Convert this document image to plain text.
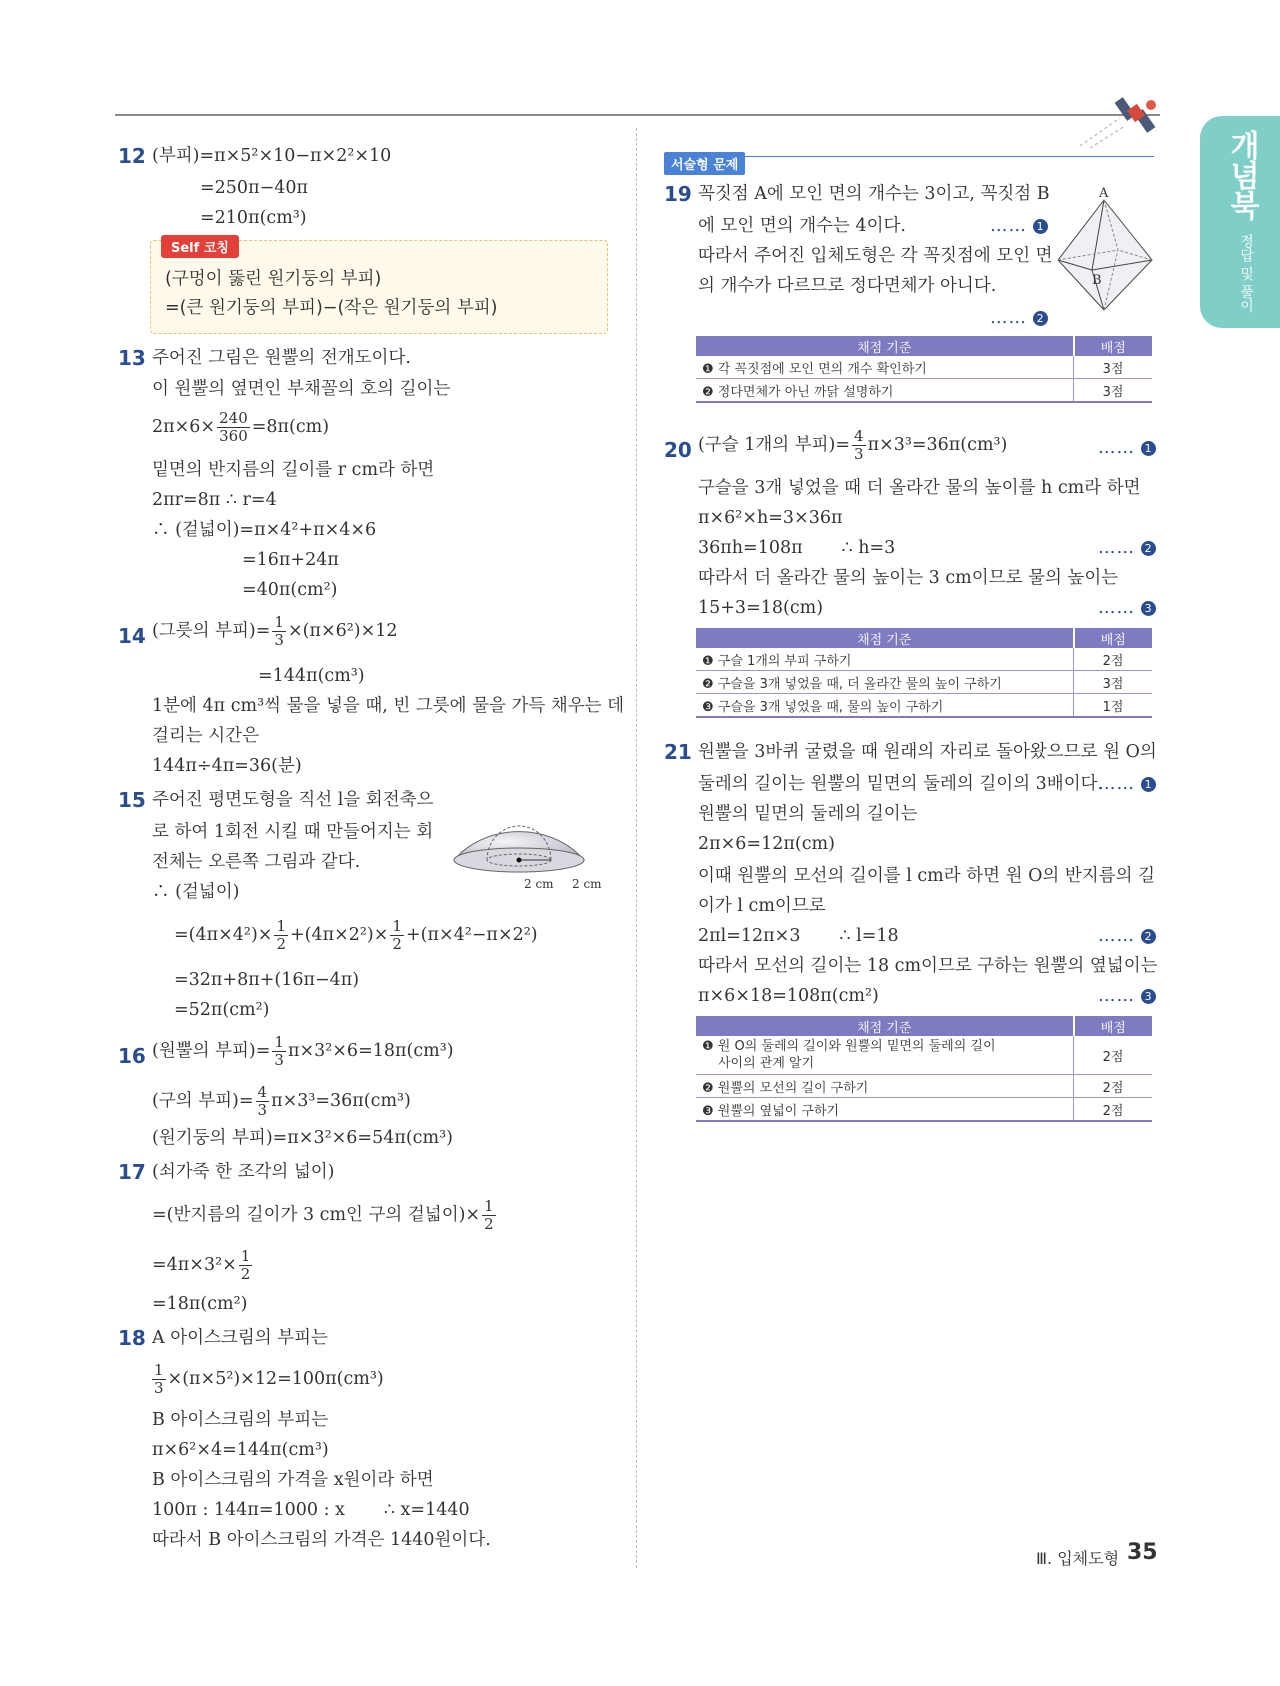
개념북
정답 및 풀이
12 (부피)=π×5²×10−π×2²×10
=250π−40π
=210π(cm³)
Self 코칭
(구멍이 뚫린 원기둥의 부피)
=(큰 원기둥의 부피)−(작은 원기둥의 부피)
13 주어진 그림은 원뿔의 전개도이다.
이 원뿔의 옆면인 부채꼴의 호의 길이는
$2\pi\times 6\times \frac{240}{360} =8\pi(cm)$
밑면의 반지름의 길이를 r cm라 하면
2πr=8π ∴ r=4
∴ (겉넓이)=π×4²+π×4×6
=16π+24π
=40π(cm²)
14 (그릇의 부피)= $\frac{1}{3} \times(\pi\times 6^2)\times 12$
=144π(cm³)
1분에 4π cm³씩 물을 넣을 때, 빈 그릇에 물을 가득 채우는 데
걸리는 시간은
144π÷4π=36(분)
15 주어진 평면도형을 직선 l을 회전축으
로 하여 1회전 시킬 때 만들어지는 회
전체는 오른쪽 그림과 같다.
∴ (겉넓이)	2 cm 2 cm
$=(4\pi\times 4^2)\times \frac{1}{2} +(4\pi\times 2^2)\times \frac{1}{2} +(\pi\times 4^2-\pi\times 2^2)$
=32π+8π+(16π−4π)
=52π(cm²)
16 (원뿔의 부피)= $\frac{1}{3} \pi\times 3^2\times 6=18\pi(cm^3)$
(구의 부피)= $\frac{4}{3} \pi\times 3^3=36\pi(cm^3)$
(원기둥의 부피)=π×3²×6=54π(cm³)
17 (쇠가죽 한 조각의 넓이)
=(반지름의 길이가 3 cm인 구의 겉넓이)× $\frac{1}{2}$
$=4\pi\times 3^2\times \frac{1}{2}$
=18π(cm²)
18 A 아이스크림의 부피는
$\frac{1}{3} \times(\pi\times 5^2)\times 12=100\pi(cm^3)$
B 아이스크림의 부피는
π×6²×4=144π(cm³)
B 아이스크림의 가격을 x원이라 하면
100π : 144π=1000 : x       ∴ x=1440
따라서 B 아이스크림의 가격은 1440원이다.
서술형 문제
19 꼭짓점 A에 모인 면의 개수는 3이고, 꼭짓점 B
에 모인 면의 개수는 4이다.	…… 1
따라서 주어진 입체도형은 각 꼭짓점에 모인 면
의 개수가 다르므로 정다면체가 아니다.
…… 2
A
B
채점 기준	배점
❶ 각 꼭짓점에 모인 면의 개수 확인하기	3점
❷ 정다면체가 아닌 까닭 설명하기	3점
20 (구슬 1개의 부피)= $\frac{4}{3} \pi\times 3^3=36\pi(cm^3)$	…… 1
구슬을 3개 넣었을 때 더 올라간 물의 높이를 h cm라 하면
π×6²×h=3×36π
36πh=108π       ∴ h=3	…… 2
따라서 더 올라간 물의 높이는 3 cm이므로 물의 높이는
15+3=18(cm)	…… 3
채점 기준	배점
❶ 구슬 1개의 부피 구하기	2점
❷ 구슬을 3개 넣었을 때, 더 올라간 물의 높이 구하기	3점
❸ 구슬을 3개 넣었을 때, 물의 높이 구하기	1점
21 원뿔을 3바퀴 굴렸을 때 원래의 자리로 돌아왔으므로 원 O의
둘레의 길이는 원뿔의 밑면의 둘레의 길이의 3배이다.
…… 1
원뿔의 밑면의 둘레의 길이는
2π×6=12π(cm)
이때 원뿔의 모선의 길이를 l cm라 하면 원 O의 반지름의 길
이가 l cm이므로
2πl=12π×3       ∴ l=18	…… 2
따라서 모선의 길이는 18 cm이므로 구하는 원뿔의 옆넓이는
π×6×18=108π(cm²)	…… 3
채점 기준	배점
❶ 원 O의 둘레의 길이와 원뿔의 밑면의 둘레의 길이
사이의 관계 알기	2점
❷ 원뿔의 모선의 길이 구하기	2점
❸ 원뿔의 옆넓이 구하기	2점
Ⅲ. 입체도형 35
